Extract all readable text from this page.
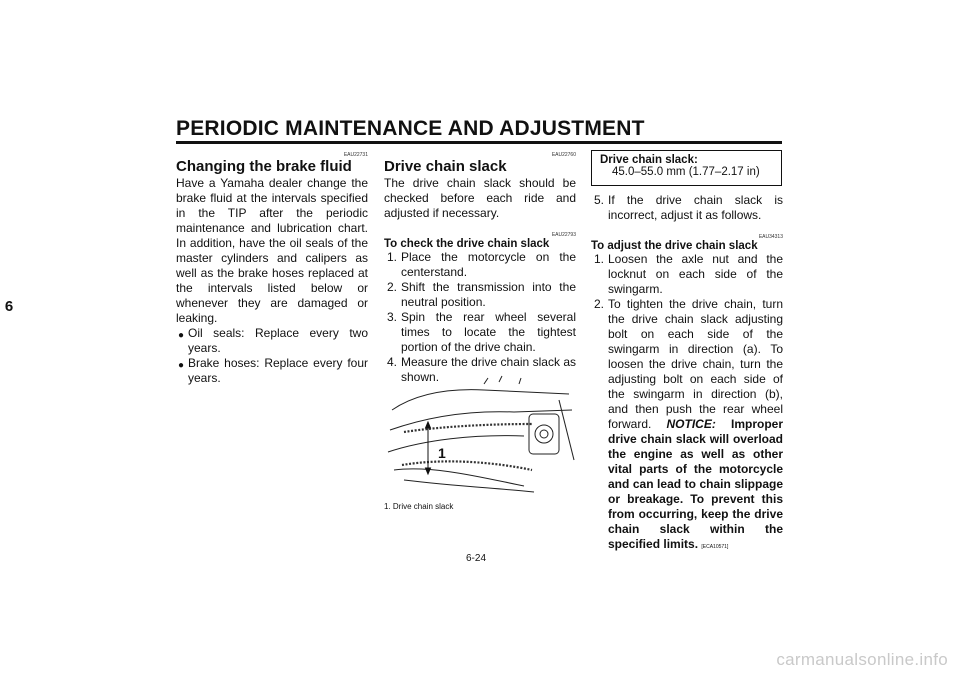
PERIODIC MAINTENANCE AND ADJUSTMENT
6
EAU22731
Changing the brake fluid
Have a Yamaha dealer change the brake fluid at the intervals specified in the TIP after the periodic maintenance and lubrication chart. In addition, have the oil seals of the master cylinders and calipers as well as the brake hoses replaced at the intervals listed below or whenever they are damaged or leaking.
● Oil seals: Replace every two years.
● Brake hoses: Replace every four years.
EAU22760
Drive chain slack
The drive chain slack should be checked before each ride and adjusted if necessary.
EAU22793
To check the drive chain slack
1. Place the motorcycle on the centerstand.
2. Shift the transmission into the neutral position.
3. Spin the rear wheel several times to locate the tightest portion of the drive chain.
4. Measure the drive chain slack as shown.
1
1. Drive chain slack
Drive chain slack:
45.0–55.0 mm (1.77–2.17 in)
5. If the drive chain slack is incorrect, adjust it as follows.
EAU34313
To adjust the drive chain slack
1. Loosen the axle nut and the locknut on each side of the swingarm.
2. To tighten the drive chain, turn the drive chain slack adjusting bolt on each side of the swingarm in direction (a). To loosen the drive chain, turn the adjusting bolt on each side of the swingarm in direction (b), and then push the rear wheel forward. NOTICE: Improper drive chain slack will overload the engine as well as other vital parts of the motorcycle and can lead to chain slippage or breakage. To prevent this from occurring, keep the drive chain slack within the specified limits. [ECA10571]
6-24
carmanualsonline.info
